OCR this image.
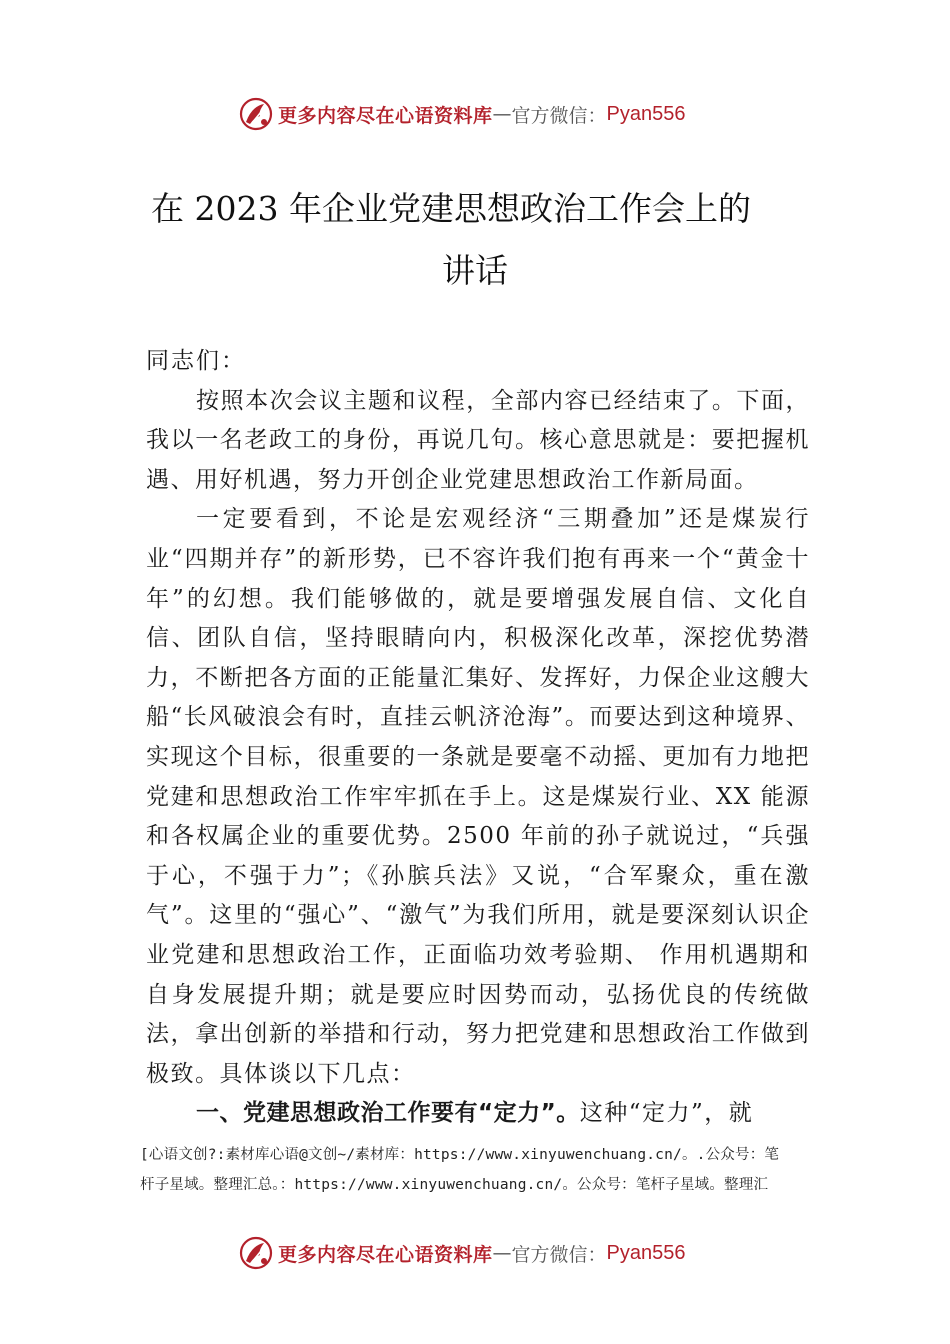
更多内容尽在心语资料库 — 官方微信： Pyan556
在 2023 年企业党建思想政治工作会上的
讲话

同志们：

按照本次会议主题和议程，全部内容已经结束了。下面，我以一名老政工的身份，再说几句。核心意思就是：要把握机遇、用好机遇，努力开创企业党建思想政治工作新局面。

一定要看到，不论是宏观经济“三期叠加”还是煤炭行业“四期并存”的新形势，已不容许我们抱有再来一个“黄金十年”的幻想。我们能够做的，就是要增强发展自信、文化自信、团队自信，坚持眼睛向内，积极深化改革，深挖优势潜力，不断把各方面的正能量汇集好、发挥好，力保企业这艘大船“长风破浪会有时，直挂云帆济沧海”。而要达到这种境界、实现这个目标，很重要的一条就是要毫不动摇、更加有力地把党建和思想政治工作牢牢抓在手上。这是煤炭行业、XX 能源和各权属企业的重要优势。2500 年前的孙子就说过，“兵强于心，不强于力”；《孙膑兵法》又说，“合军聚众，重在激气”。这里的“强心”、“激气”为我们所用，就是要深刻认识企业党建和思想政治工作，正面临功效考验期、 作用机遇期和自身发展提升期；就是要应时因势而动，弘扬优良的传统做法，拿出创新的举措和行动，努力把党建和思想政治工作做到极致。具体谈以下几点：

一、党建思想政治工作要有“定力”。这种“定力”，就

[心语文创?:素材库心语@文创~/素材库：https://www.xinyuwenchuang.cn/。.公众号：笔
杆子星域。整理汇总。：https://www.xinyuwenchuang.cn/。公众号：笔杆子星域。整理汇
更多内容尽在心语资料库 — 官方微信： Pyan556
